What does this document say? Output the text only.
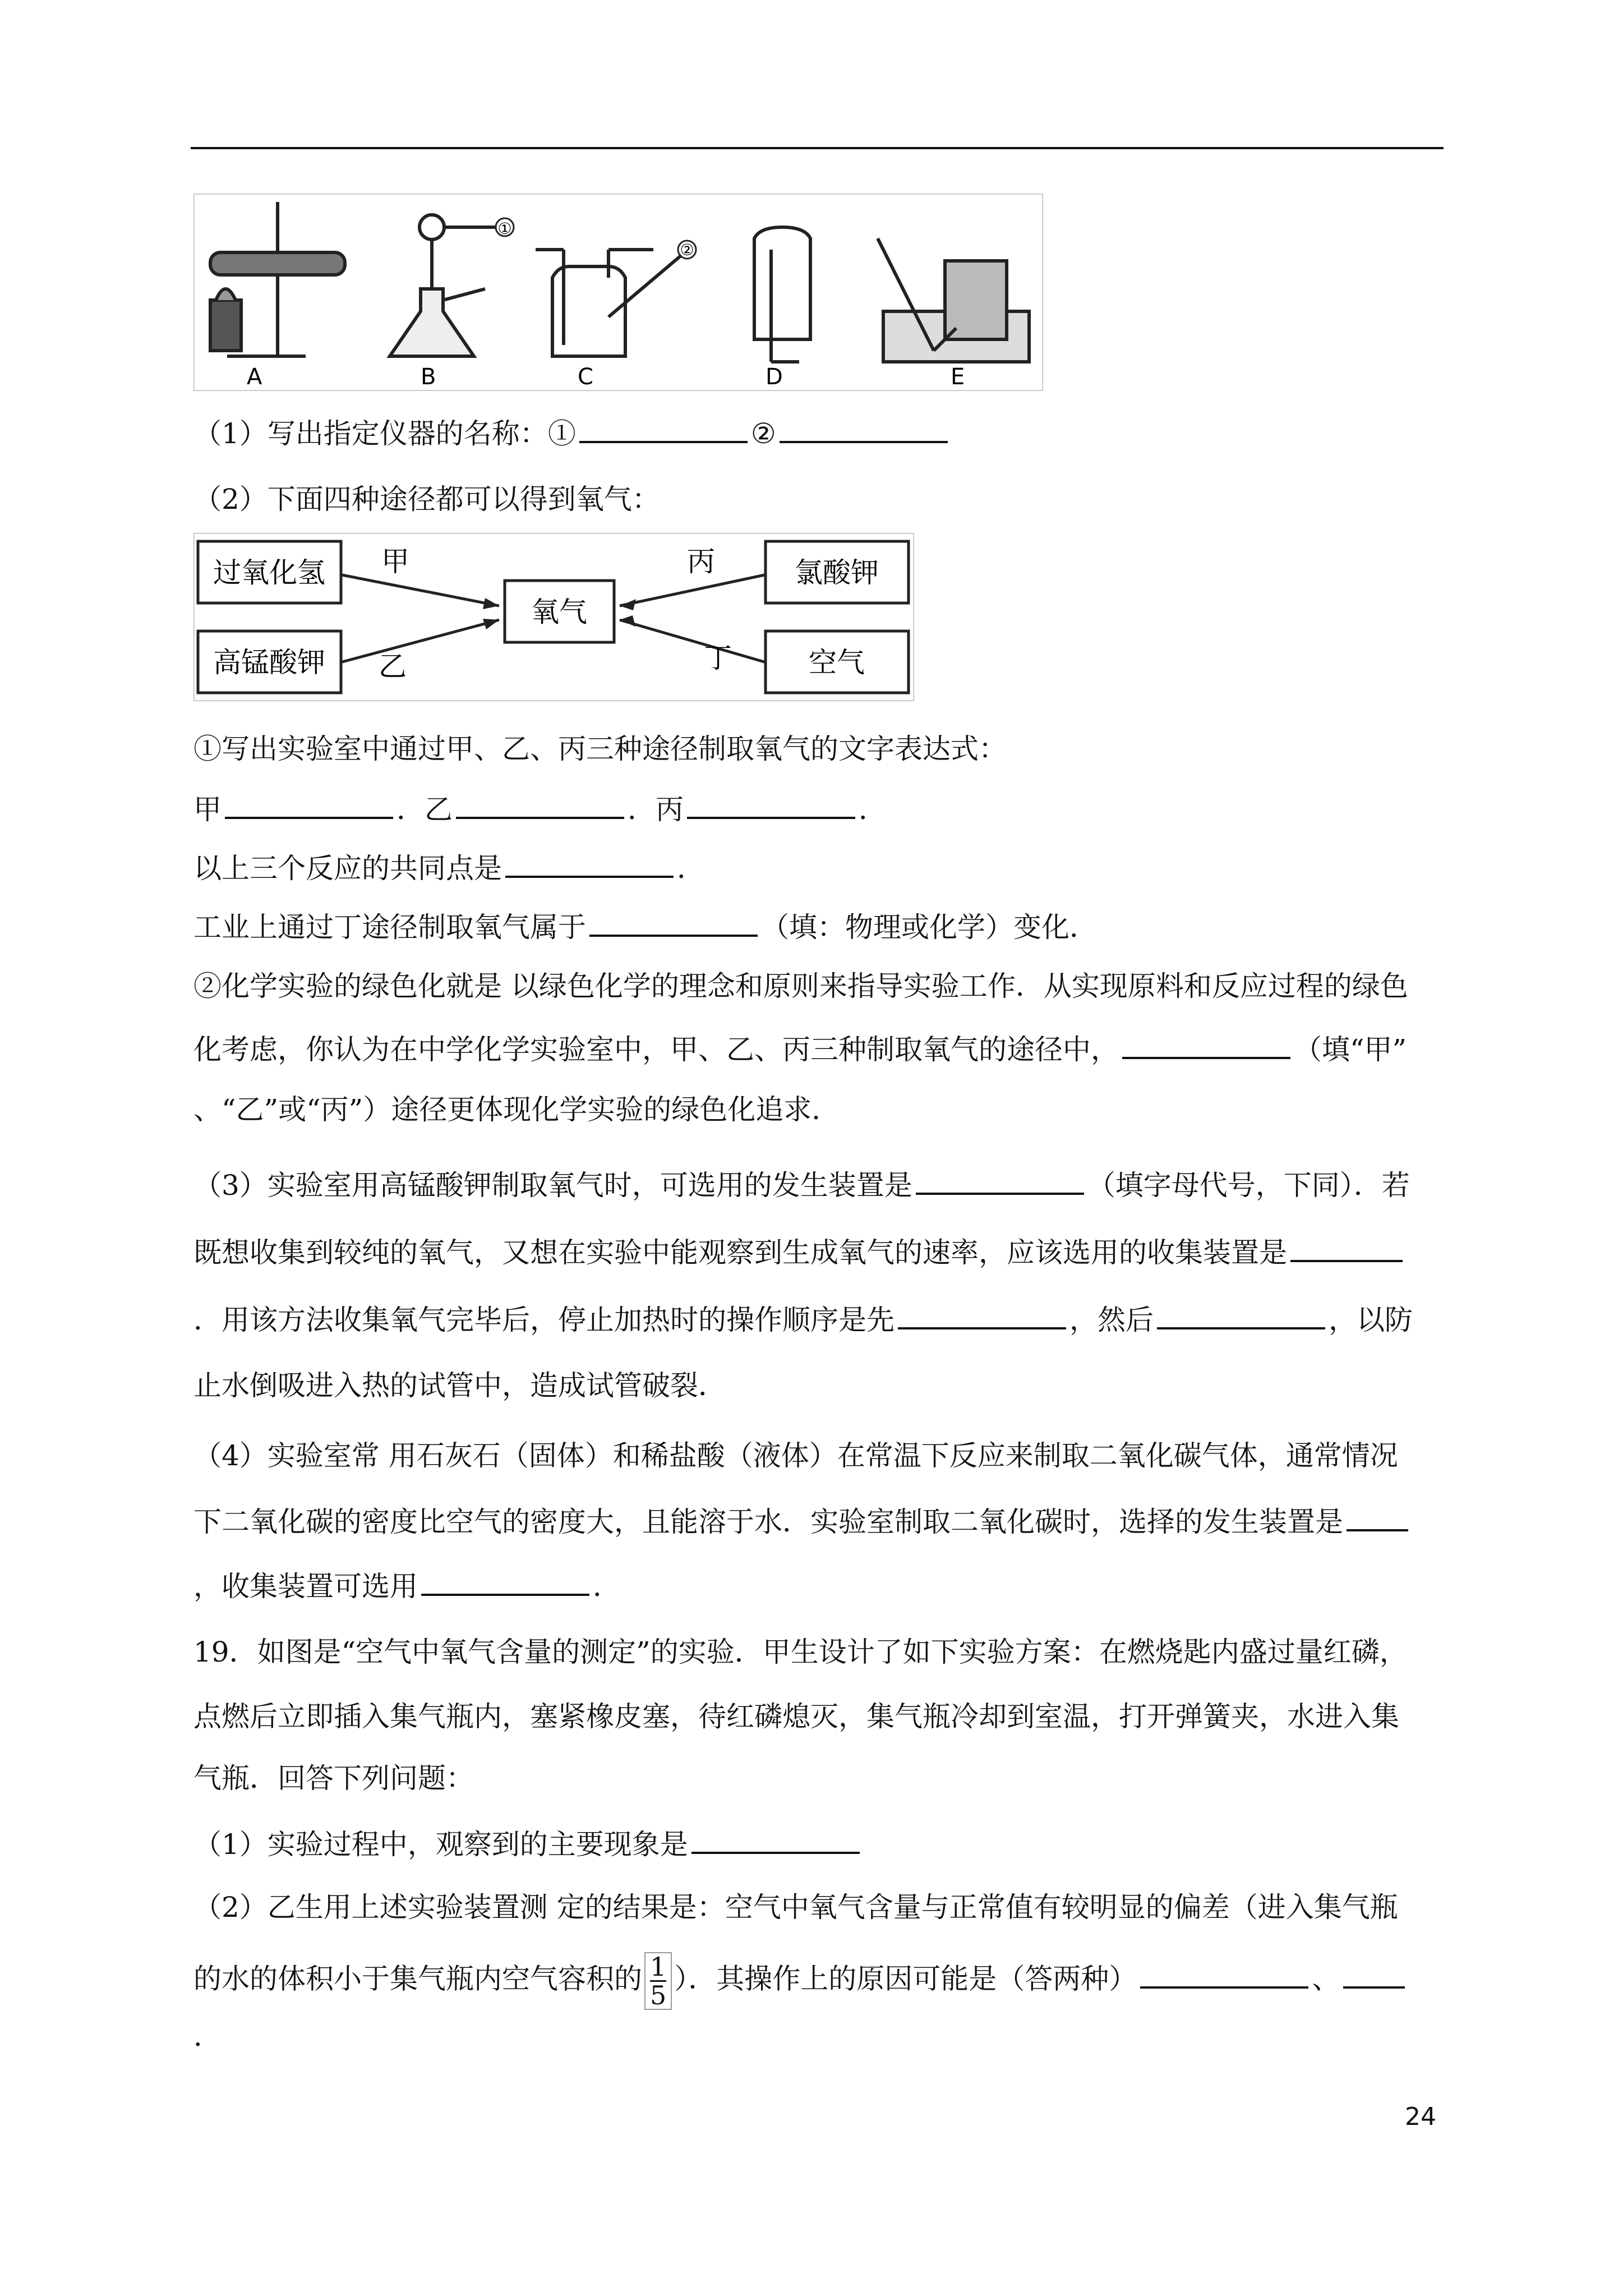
A
①
B
②
C	D	E
（1）写出指定仪器的名称：①	②
（2）下面四种途径都可以得到氧气：
过氧化氢
高锰酸钾
氧气
氯酸钾
空气
甲
乙
丙
丁
①写出实验室中通过甲、乙、丙三种途径制取氧气的文字表达式：
甲	．乙	．丙	．
以上三个反应的共同点是	．
工业上通过丁途径制取氧气属于	（填：物理或化学）变化．
②化学实验的绿色化就是 以绿色化学的理念和原则来指导实验工作．从实现原料和反应过程的绿色
化考虑，你认为在中学化学实验室中，甲、乙、丙三种制取氧气的途径中，	（填“甲”
、“乙”或“丙”）途径更体现化学实验的绿色化追求．
（3）实验室用高锰酸钾制取氧气时，可选用的发生装置是	（填字母代号，下同）．若
既想收集到较纯的氧气，又想在实验中能观察到生成氧气的速率，应该选用的收集装置是
．用该方法收集氧气完毕后，停止加热时的操作顺序是先	，然后	，以防
止水倒吸进入热的试管中，造成试管破裂．
（4）实验室常 用石灰石（固体）和稀盐酸（液体）在常温下反应来制取二氧化碳气体，通常情况
下二氧化碳的密度比空气的密度大，且能溶于水．实验室制取二氧化碳时，选择的发生装置是
，收集装置可选用	．
19．如图是“空气中氧气含量的测定”的实验．甲生设计了如下实验方案：在燃烧匙内盛过量红磷，
点燃后立即插入集气瓶内，塞紧橡皮塞，待红磷熄灭，集气瓶冷却到室温，打开弹簧夹，水进入集
气瓶．回答下列问题：
（1）实验过程中，观察到的主要现象是
（2）乙生用上述实验装置测 定的结果是：空气中氧气含量与正常值有较明显的偏差（进入集气瓶
的水的体积小于集气瓶内空气容积的 $\frac{1}{5}$）．其操作上的原因可能是（答两种）	、
．
24
